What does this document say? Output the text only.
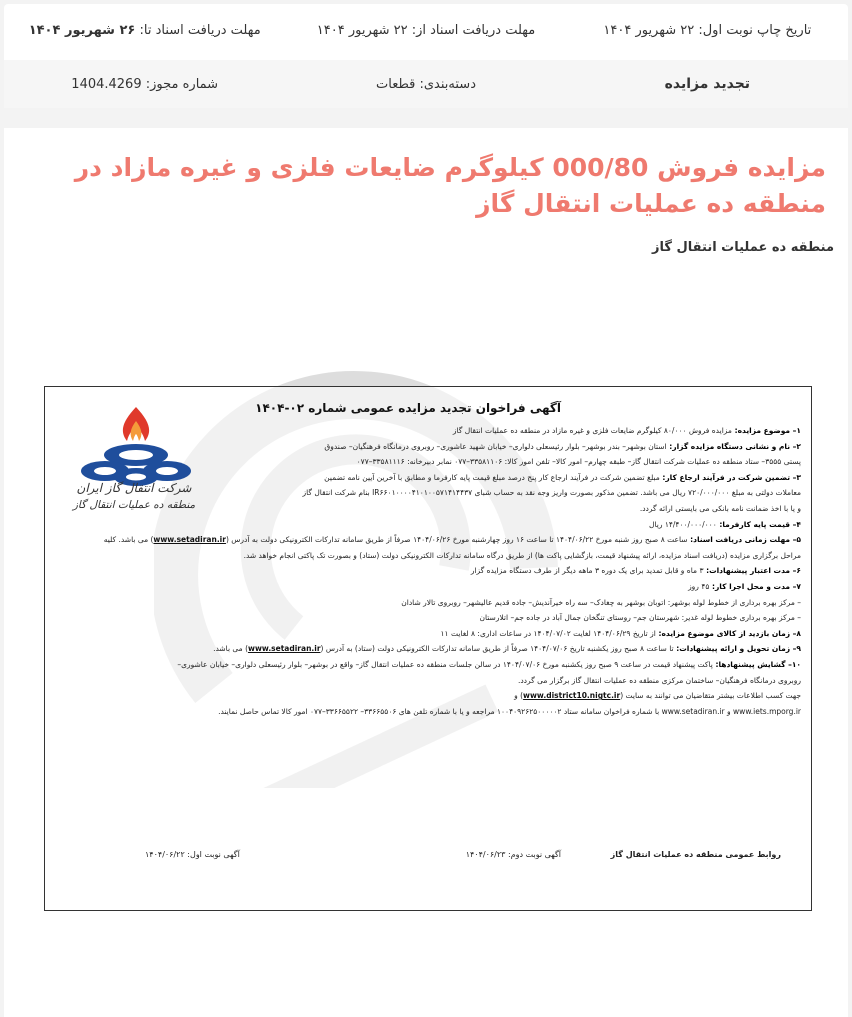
تاریخ چاپ نوبت اول: ۲۲ شهریور ۱۴۰۴
مهلت دریافت اسناد از: ۲۲ شهریور ۱۴۰۴
مهلت دریافت اسناد تا: ۲۶ شهریور ۱۴۰۴
تجدید مزایده
دسته‌بندی: قطعات
شماره مجوز: 1404.4269
مزایده فروش 000/80 کیلوگرم ضایعات فلزی و غیره مازاد در منطقه ده عملیات انتقال گاز
منطقه ده عملیات انتقال گاز
آگهی فراخوان تجدید مزایده عمومی شماره ۰۲-۱۴۰۴
شرکت انتقال گاز ایران
منطقه ده عملیات انتقال گاز
۱– موضوع مزایده: مزایده فروش ۸۰/۰۰۰ کیلوگرم ضایعات فلزی و غیره مازاد در منطقه ده عملیات انتقال گاز
۲– نام و نشانی دستگاه مزایده گزار: استان بوشهر– بندر بوشهر– بلوار رئیسعلی دلواری– خیابان شهید عاشوری– روبروی درمانگاه فرهنگیان– صندوق
پستی ۳۵۵۵– ستاد منطقه ده عملیات شرکت انتقال گاز– طبقه چهارم– امور کالا– تلفن امور کالا: ۳۳۵۸۱۱۰۶–۰۷۷ نمابر دبیرخانه: ۳۳۵۸۱۱۱۶–۰۷۷
۳– تضمین شرکت در فرآیند ارجاع کار: مبلغ تضمین شرکت در فرآیند ارجاع کار پنج درصد مبلغ قیمت پایه کارفرما و مطابق با آخرین آیین نامه تضمین
معاملات دولتی به مبلغ ۷۲۰/۰۰۰/۰۰۰ ریال می باشد. تضمین مذکور بصورت واریز وجه نقد به حساب شبای IR۶۶۰۱۰۰۰۰۴۱۰۱۰۰۵۷۱۴۱۴۴۳۷ بنام شرکت انتقال گاز
و یا با اخذ ضمانت نامه بانکی می بایستی ارائه گردد.
۴– قیمت پایه کارفرما: ۱۴/۴۰۰/۰۰۰/۰۰۰ ریال
۵– مهلت زمانی دریافت اسناد: ساعت ۸ صبح روز شنبه مورخ ۱۴۰۴/۰۶/۲۲ تا ساعت ۱۶ روز چهارشنبه مورخ ۱۴۰۴/۰۶/۲۶ صرفاً از طریق سامانه تدارکات الکترونیکی دولت به آدرس (www.setadiran.ir) می باشد. کلیه
مراحل برگزاری مزایده (دریافت اسناد مزایده، ارائه پیشنهاد قیمت، بازگشایی پاکت ها) از طریق درگاه سامانه تدارکات الکترونیکی دولت (ستاد) و بصورت تک پاکتی انجام خواهد شد.
۶– مدت اعتبار پیشنهادات: ۳ ماه و قابل تمدید برای یک دوره ۳ ماهه دیگر از طرف دستگاه مزایده گزار
۷– مدت و محل اجرا کار: ۴۵ روز
– مرکز بهره برداری از خطوط لوله بوشهر: اتوبان بوشهر به چغادک– سه راه خیرآندیش– جاده قدیم عالیشهر– روبروی تالار شادان
– مرکز بهره برداری خطوط لوله غدیر: شهرستان جم– روستای تنگخان جمال آباد در جاده جم– اتلارستان
۸– زمان بازدید از کالای موضوع مزایده: از تاریخ ۱۴۰۴/۰۶/۲۹ لغایت ۱۴۰۴/۰۷/۰۲ در ساعات اداری: ۸ لغایت ۱۱
۹– زمان تحویل و ارائه پیشنهادات: تا ساعت ۸ صبح روز یکشنبه تاریخ ۱۴۰۴/۰۷/۰۶ صرفاً از طریق سامانه تدارکات الکترونیکی دولت (ستاد) به آدرس (www.setadiran.ir) می باشد.
۱۰– گشایش پیشنهادها: پاکت پیشنهاد قیمت در ساعت ۹ صبح روز یکشنبه مورخ ۱۴۰۴/۰۷/۰۶ در سالن جلسات منطقه ده عملیات انتقال گاز– واقع در بوشهر– بلوار رئیسعلی دلواری– خیابان عاشوری–
روبروی درمانگاه فرهنگیان– ساختمان مرکزی منطقه ده عملیات انتقال گاز برگزار می گردد.
جهت کسب اطلاعات بیشتر متقاضیان می توانند به سایت (www.district10.nigtc.ir) و
www.iets.mporg.ir و www.setadiran.ir با شماره فراخوان سامانه ستاد ۱۰۰۴۰۹۲۶۲۵۰۰۰۰۰۲ مراجعه و یا با شماره تلفن های ۳۳۶۶۵۵۰۶– ۳۳۶۶۵۵۲۲–۰۷۷ امور کالا تماس حاصل نمایند.
روابط عمومی منطقه ده عملیات انتقال گاز
آگهی نوبت دوم: ۱۴۰۴/۰۶/۲۳
آگهی نوبت اول: ۱۴۰۴/۰۶/۲۲
